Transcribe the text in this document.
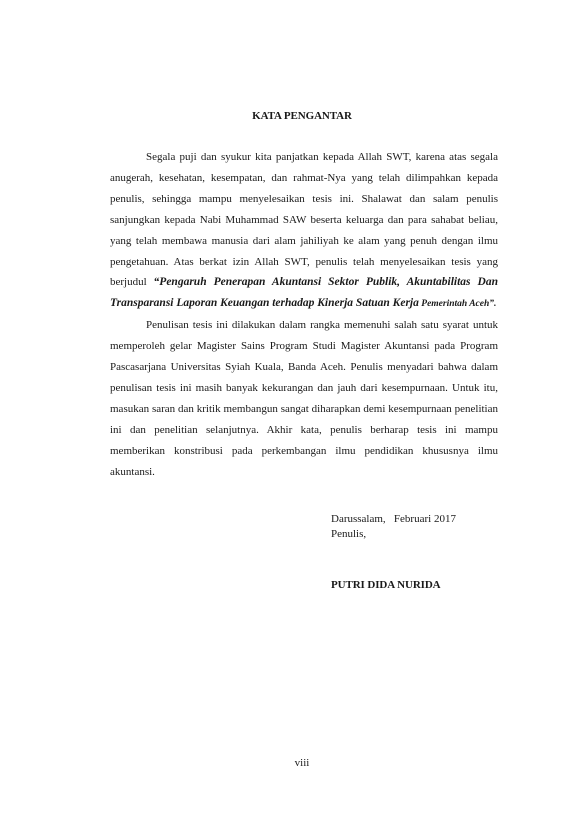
KATA PENGANTAR

Segala puji dan syukur kita panjatkan kepada Allah SWT, karena atas segala anugerah, kesehatan, kesempatan, dan rahmat-Nya yang telah dilimpahkan kepada penulis, sehingga mampu menyelesaikan tesis ini. Shalawat dan salam penulis sanjungkan kepada Nabi Muhammad SAW beserta keluarga dan para sahabat beliau, yang telah membawa manusia dari alam jahiliyah ke alam yang penuh dengan ilmu pengetahuan. Atas berkat izin Allah SWT, penulis telah menyelesaikan tesis yang berjudul “Pengaruh Penerapan Akuntansi Sektor Publik, Akuntabilitas Dan Transparansi Laporan Keuangan terhadap Kinerja Satuan Kerja Pemerintah Aceh”.

Penulisan tesis ini dilakukan dalam rangka memenuhi salah satu syarat untuk memperoleh gelar Magister Sains Program Studi Magister Akuntansi pada Program Pascasarjana Universitas Syiah Kuala, Banda Aceh. Penulis menyadari bahwa dalam penulisan tesis ini masih banyak kekurangan dan jauh dari kesempurnaan. Untuk itu, masukan saran dan kritik membangun sangat diharapkan demi kesempurnaan penelitian ini dan penelitian selanjutnya. Akhir kata, penulis berharap tesis ini mampu memberikan konstribusi pada perkembangan ilmu pendidikan khususnya ilmu akuntansi.

Darussalam,   Februari 2017
Penulis,
PUTRI DIDA NURIDA
viii
